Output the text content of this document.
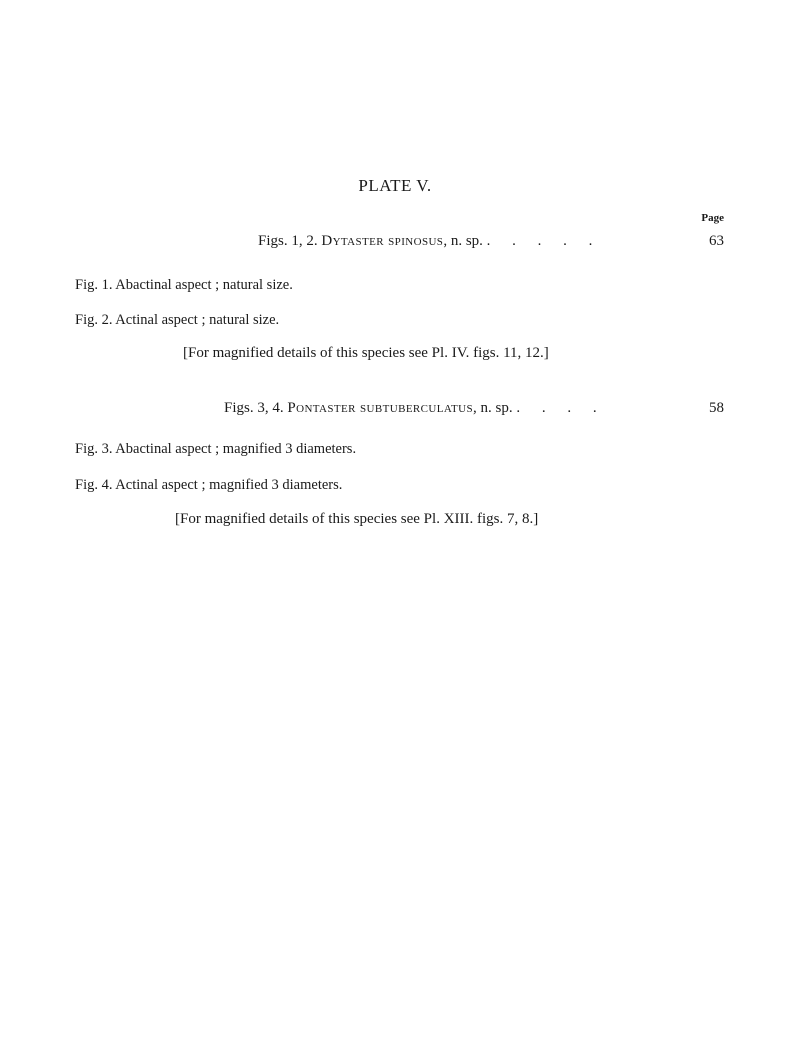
PLATE V.
Page
Figs. 1, 2. Dytaster spinosus, n. sp. . . . . .	63
Fig. 1. Abactinal aspect ; natural size.
Fig. 2. Actinal aspect ; natural size.
[For magnified details of this species see Pl. IV. figs. 11, 12.]
Figs. 3, 4. Pontaster subtuberculatus, n. sp. . . . .	58
Fig. 3. Abactinal aspect ; magnified 3 diameters.
Fig. 4. Actinal aspect ; magnified 3 diameters.
[For magnified details of this species see Pl. XIII. figs. 7, 8.]
